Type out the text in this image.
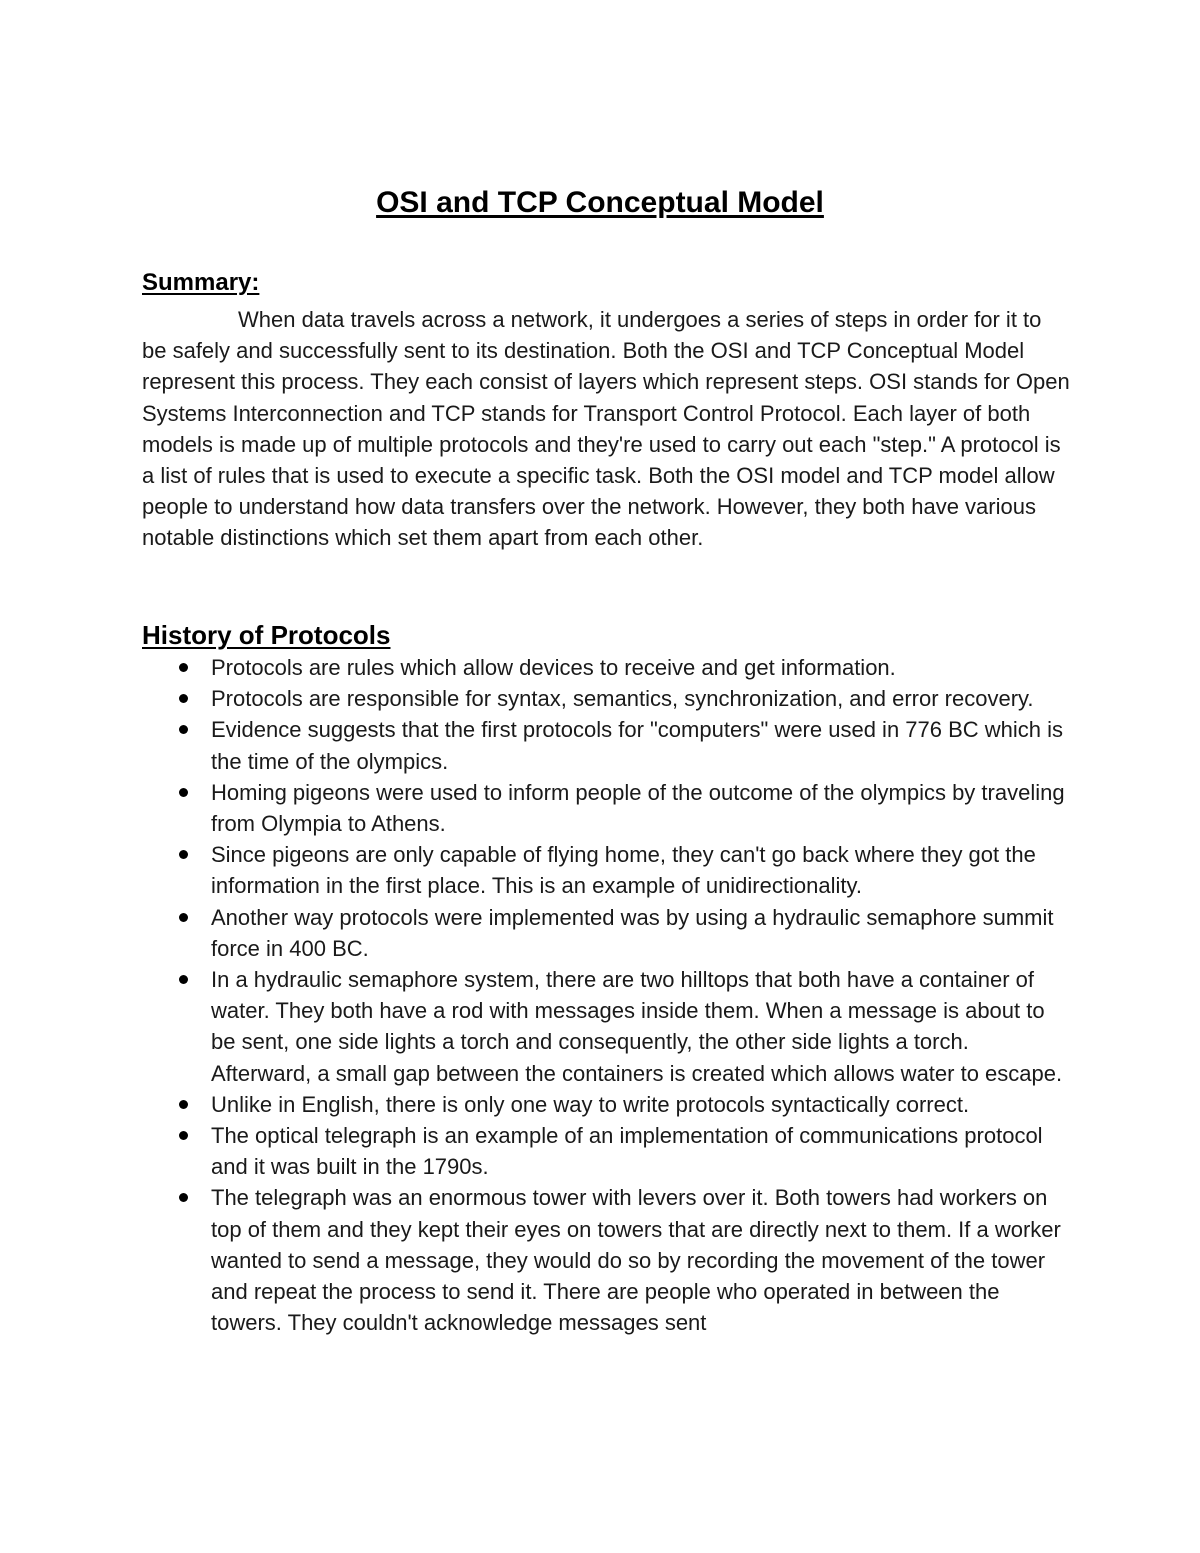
OSI and TCP Conceptual Model
Summary:

When data travels across a network, it undergoes a series of steps in order for it to be safely and successfully sent to its destination. Both the OSI and TCP Conceptual Model represent this process. They each consist of layers which represent steps. OSI stands for Open Systems Interconnection and TCP stands for Transport Control Protocol. Each layer of both models is made up of multiple protocols and they're used to carry out each "step." A protocol is a list of rules that is used to execute a specific task. Both the OSI model and TCP model allow people to understand how data transfers over the network. However, they both have various notable distinctions which set them apart from each other.

History of Protocols
Protocols are rules which allow devices to receive and get information.
Protocols are responsible for syntax, semantics, synchronization, and error recovery.
Evidence suggests that the first protocols for "computers" were used in 776 BC which is the time of the olympics.
Homing pigeons were used to inform people of the outcome of the olympics by traveling from Olympia to Athens.
Since pigeons are only capable of flying home, they can't go back where they got the information in the first place. This is an example of unidirectionality.
Another way protocols were implemented was by using a hydraulic semaphore summit force in 400 BC.
In a hydraulic semaphore system, there are two hilltops that both have a container of water. They both have a rod with messages inside them. When a message is about to be sent, one side lights a torch and consequently, the other side lights a torch. Afterward, a small gap between the containers is created which allows water to escape.
Unlike in English, there is only one way to write protocols syntactically correct.
The optical telegraph is an example of an implementation of communications protocol and it was built in the 1790s.
The telegraph was an enormous tower with levers over it. Both towers had workers on top of them and they kept their eyes on towers that are directly next to them. If a worker wanted to send a message, they would do so by recording the movement of the tower and repeat the process to send it. There are people who operated in between the towers. They couldn't acknowledge messages sent
